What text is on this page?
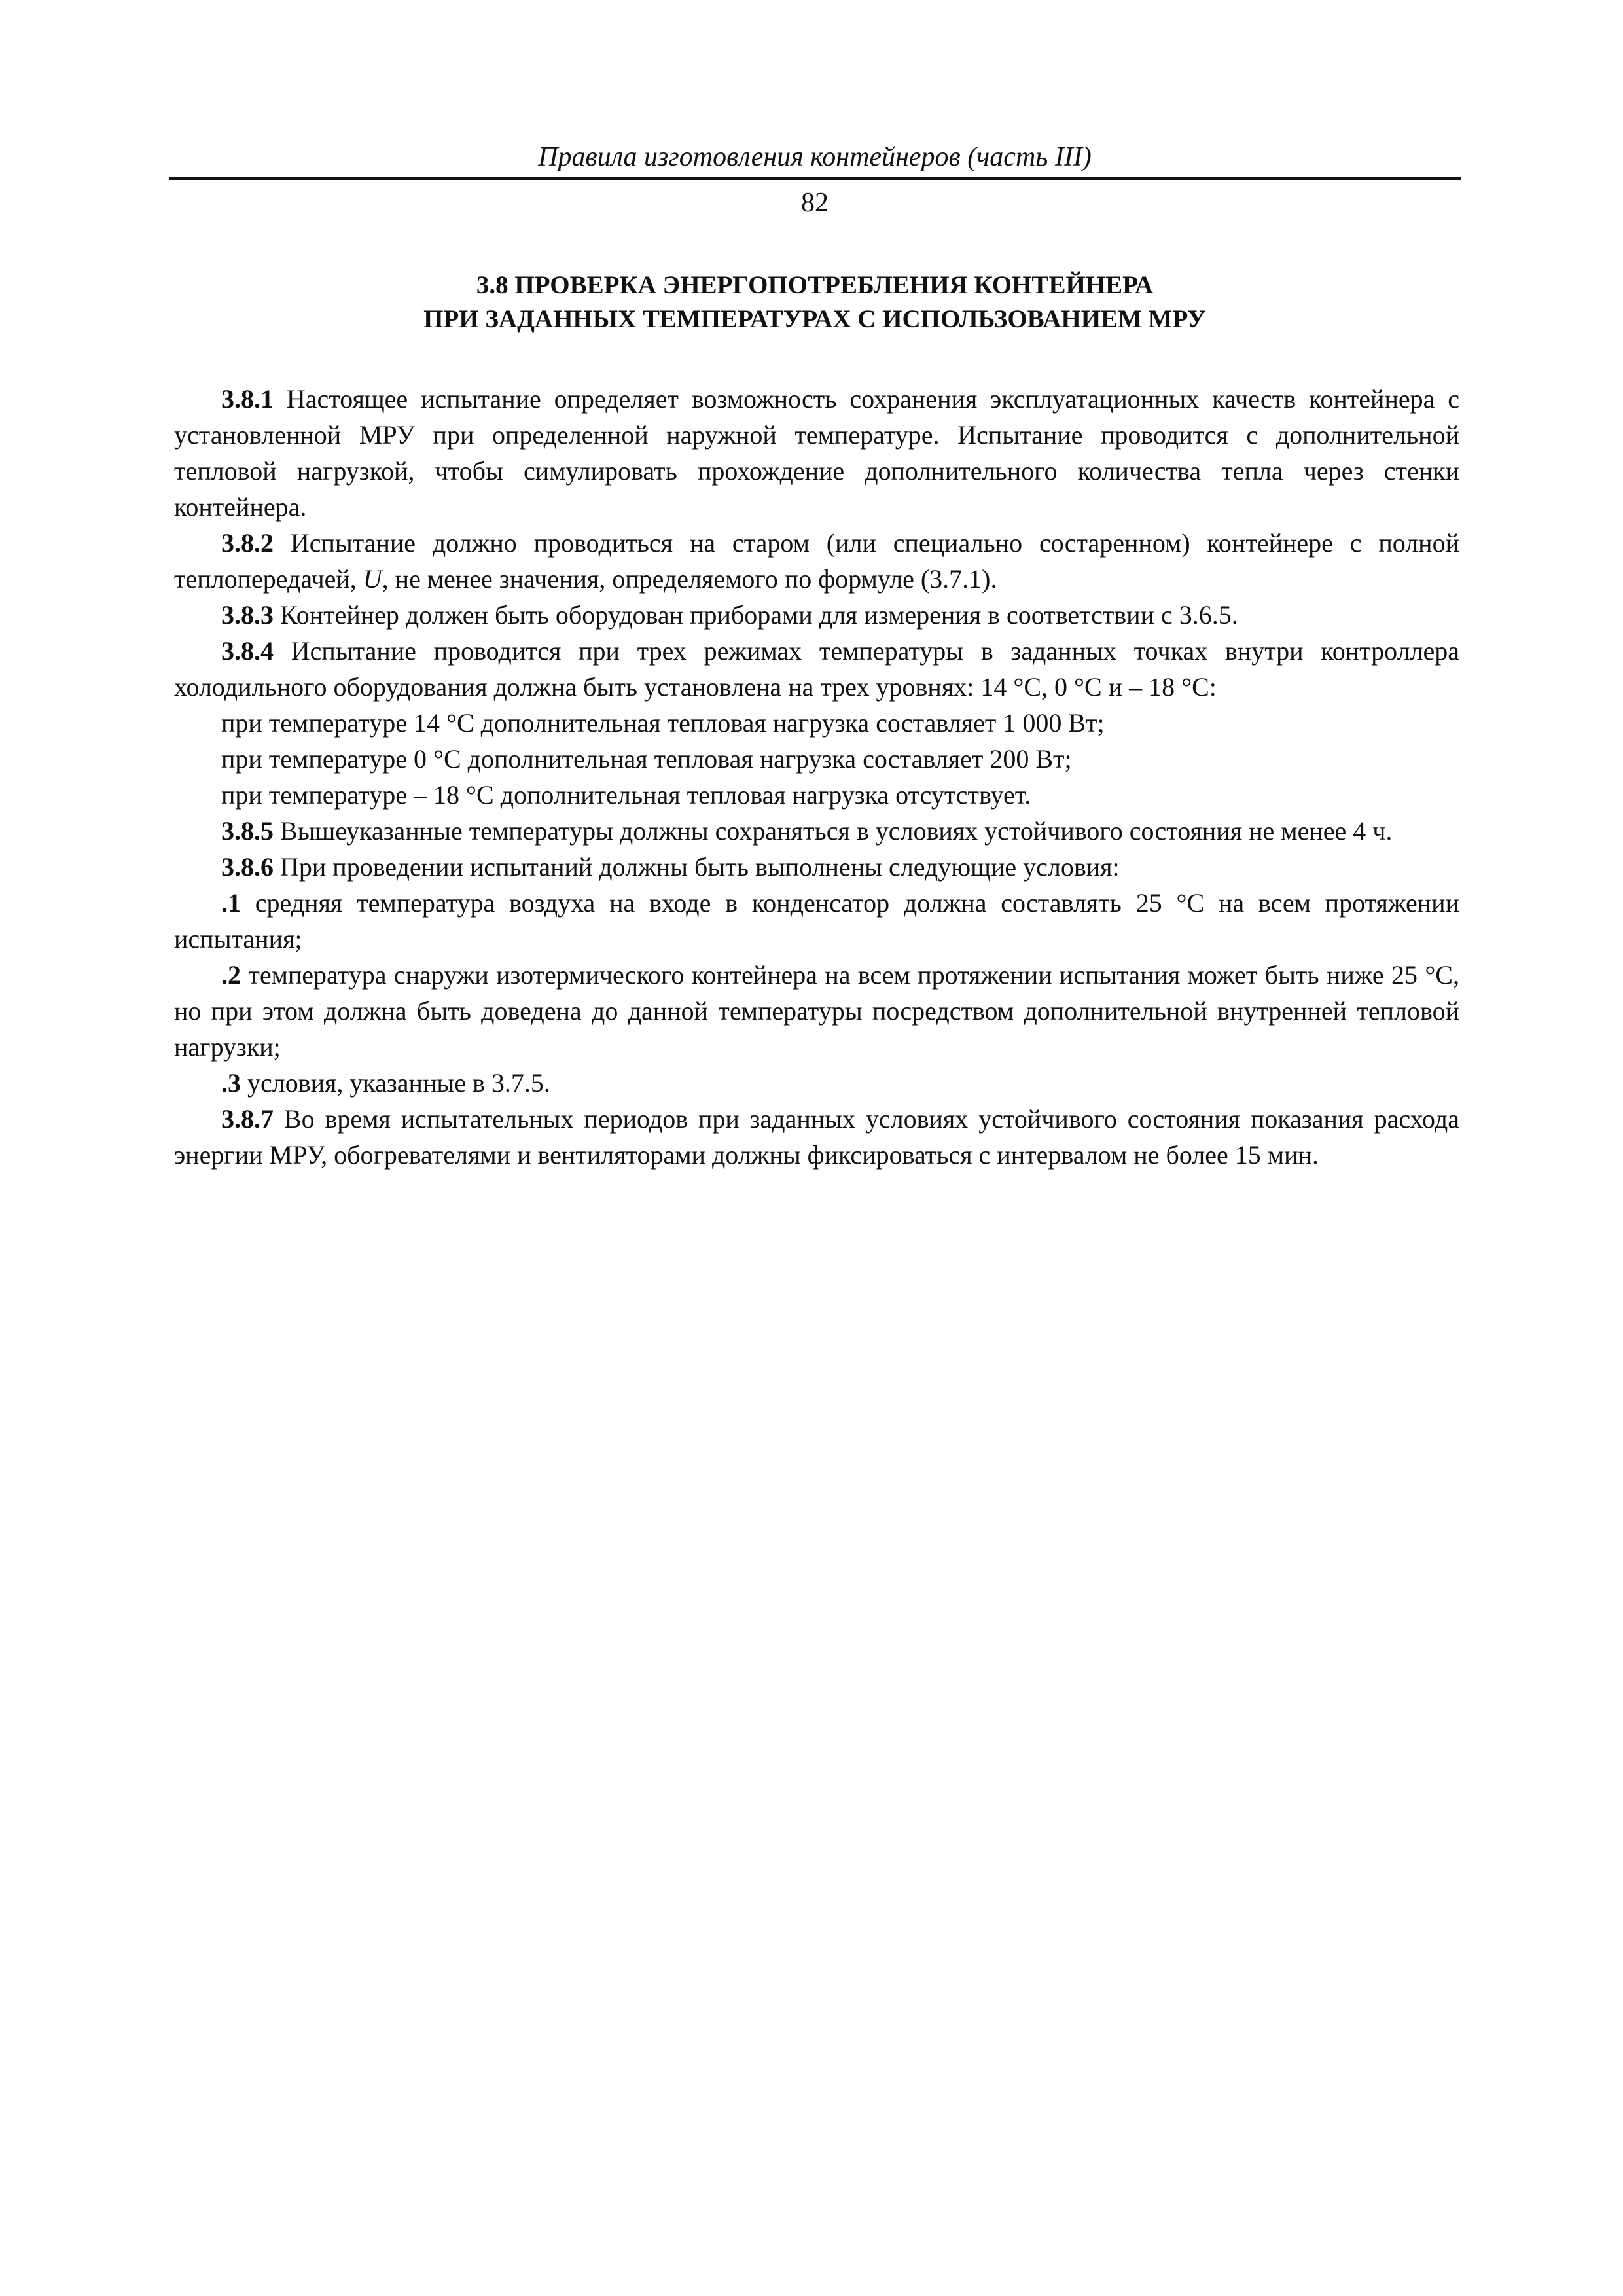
Правила изготовления контейнеров (часть III)
82
3.8 ПРОВЕРКА ЭНЕРГОПОТРЕБЛЕНИЯ КОНТЕЙНЕРА
ПРИ ЗАДАННЫХ ТЕМПЕРАТУРАХ С ИСПОЛЬЗОВАНИЕМ МРУ

3.8.1 Настоящее испытание определяет возможность сохранения эксплуатационных качеств контейнера с установленной МРУ при определенной наружной температуре. Испытание проводится с дополнительной тепловой нагрузкой, чтобы симулировать прохождение дополнительного количества тепла через стенки контейнера.

3.8.2 Испытание должно проводиться на старом (или специально состаренном) контейнере с полной теплопередачей, U, не менее значения, определяемого по формуле (3.7.1).

3.8.3 Контейнер должен быть оборудован приборами для измерения в соответствии с 3.6.5.

3.8.4 Испытание проводится при трех режимах температуры в заданных точках внутри контроллера холодильного оборудования должна быть установлена на трех уровнях: 14 °C, 0 °C и – 18 °C:

при температуре 14 °C дополнительная тепловая нагрузка составляет 1 000 Вт;

при температуре 0 °C дополнительная тепловая нагрузка составляет 200 Вт;

при температуре – 18 °C дополнительная тепловая нагрузка отсутствует.

3.8.5 Вышеуказанные температуры должны сохраняться в условиях устойчивого состояния не менее 4 ч.

3.8.6 При проведении испытаний должны быть выполнены следующие условия:

.1 средняя температура воздуха на входе в конденсатор должна составлять 25 °C на всем протяжении испытания;

.2 температура снаружи изотермического контейнера на всем протяжении испытания может быть ниже 25 °C, но при этом должна быть доведена до данной температуры посредством дополнительной внутренней тепловой нагрузки;

.3 условия, указанные в 3.7.5.

3.8.7 Во время испытательных периодов при заданных условиях устойчивого состояния показания расхода энергии МРУ, обогревателями и вентиляторами должны фиксироваться с интервалом не более 15 мин.
